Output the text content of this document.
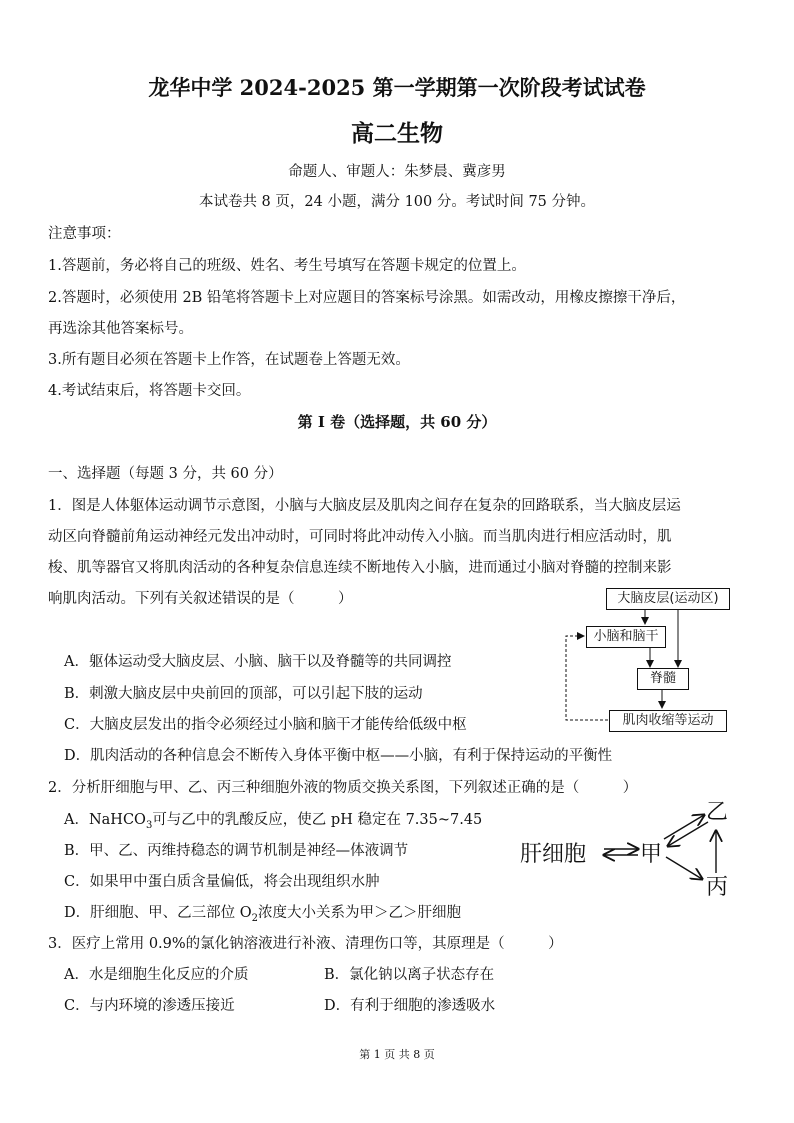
龙华中学 2024-2025 第一学期第一次阶段考试试卷
高二生物
命题人、审题人：朱梦晨、冀彦男
本试卷共 8 页，24 小题，满分 100 分。考试时间 75 分钟。
注意事项：
1.答题前，务必将自己的班级、姓名、考生号填写在答题卡规定的位置上。
2.答题时，必须使用 2B 铅笔将答题卡上对应题目的答案标号涂黑。如需改动，用橡皮擦擦干净后，
再选涂其他答案标号。
3.所有题目必须在答题卡上作答，在试题卷上答题无效。
4.考试结束后，将答题卡交回。
第 I 卷（选择题，共 60 分）
一、选择题（每题 3 分，共 60 分）
1．图是人体躯体运动调节示意图，小脑与大脑皮层及肌肉之间存在复杂的回路联系，当大脑皮层运
动区向脊髓前角运动神经元发出冲动时，可同时将此冲动传入小脑。而当肌肉进行相应活动时，肌
梭、肌等器官又将肌肉活动的各种复杂信息连续不断地传入小脑，进而通过小脑对脊髓的控制来影
响肌肉活动。下列有关叙述错误的是（　　　）
A．躯体运动受大脑皮层、小脑、脑干以及脊髓等的共同调控
B．刺激大脑皮层中央前回的顶部，可以引起下肢的运动
C．大脑皮层发出的指令必须经过小脑和脑干才能传给低级中枢
D．肌肉活动的各种信息会不断传入身体平衡中枢——小脑，有利于保持运动的平衡性
大脑皮层(运动区)
小脑和脑干
脊髓
肌肉收缩等运动
2．分析肝细胞与甲、乙、丙三种细胞外液的物质交换关系图，下列叙述正确的是（　　　）
A．NaHCO$_3$可与乙中的乳酸反应，使乙 pH 稳定在 7.35~7.45
B．甲、乙、丙维持稳态的调节机制是神经—体液调节
C．如果甲中蛋白质含量偏低，将会出现组织水肿
D．肝细胞、甲、乙三部位 $O_2$浓度大小关系为甲＞乙＞肝细胞
肝细胞 甲
乙
丙
3．医疗上常用 0.9%的氯化钠溶液进行补液、清理伤口等，其原理是（　　　）
A．水是细胞生化反应的介质	B．氯化钠以离子状态存在
C．与内环境的渗透压接近	D．有利于细胞的渗透吸水
第 1 页 共 8 页
